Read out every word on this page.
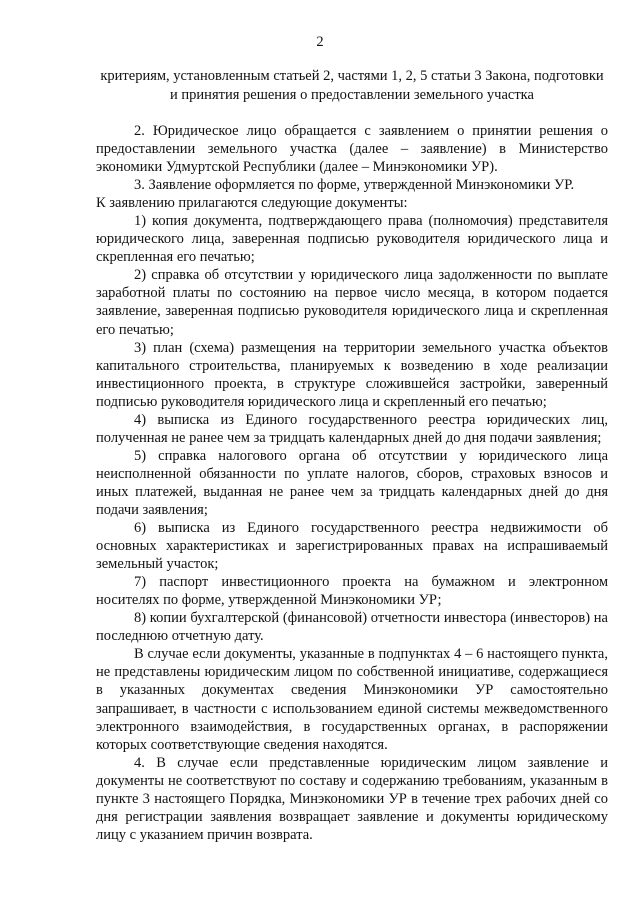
2
критериям, установленным статьей 2, частями 1, 2, 5 статьи 3 Закона, подготовки и принятия решения о предоставлении земельного участка

2. Юридическое лицо обращается с заявлением о принятии решения о предоставлении земельного участка (далее – заявление) в Министерство экономики Удмуртской Республики (далее – Минэкономики УР).

3. Заявление оформляется по форме, утвержденной Минэкономики УР.

К заявлению прилагаются следующие документы:

1) копия документа, подтверждающего права (полномочия) представителя юридического лица, заверенная подписью руководителя юридического лица и скрепленная его печатью;

2) справка об отсутствии у юридического лица задолженности по выплате заработной платы по состоянию на первое число месяца, в котором подается заявление, заверенная подписью руководителя юридического лица и скрепленная его печатью;

3) план (схема) размещения на территории земельного участка объектов капитального строительства, планируемых к возведению в ходе реализации инвестиционного проекта, в структуре сложившейся застройки, заверенный подписью руководителя юридического лица и скрепленный его печатью;

4) выписка из Единого государственного реестра юридических лиц, полученная не ранее чем за тридцать календарных дней до дня подачи заявления;

5) справка налогового органа об отсутствии у юридического лица неисполненной обязанности по уплате налогов, сборов, страховых взносов и иных платежей, выданная не ранее чем за тридцать календарных дней до дня подачи заявления;

6) выписка из Единого государственного реестра недвижимости об основных характеристиках и зарегистрированных правах на испрашиваемый земельный участок;

7) паспорт инвестиционного проекта на бумажном и электронном носителях по форме, утвержденной Минэкономики УР;

8) копии бухгалтерской (финансовой) отчетности инвестора (инвесторов) на последнюю отчетную дату.

В случае если документы, указанные в подпунктах 4 – 6 настоящего пункта, не представлены юридическим лицом по собственной инициативе, содержащиеся в указанных документах сведения Минэкономики УР самостоятельно запрашивает, в частности с использованием единой системы межведомственного электронного взаимодействия, в государственных органах, в распоряжении которых соответствующие сведения находятся.

4. В случае если представленные юридическим лицом заявление и документы не соответствуют по составу и содержанию требованиям, указанным в пункте 3 настоящего Порядка, Минэкономики УР в течение трех рабочих дней со дня регистрации заявления возвращает заявление и документы юридическому лицу с указанием причин возврата.
